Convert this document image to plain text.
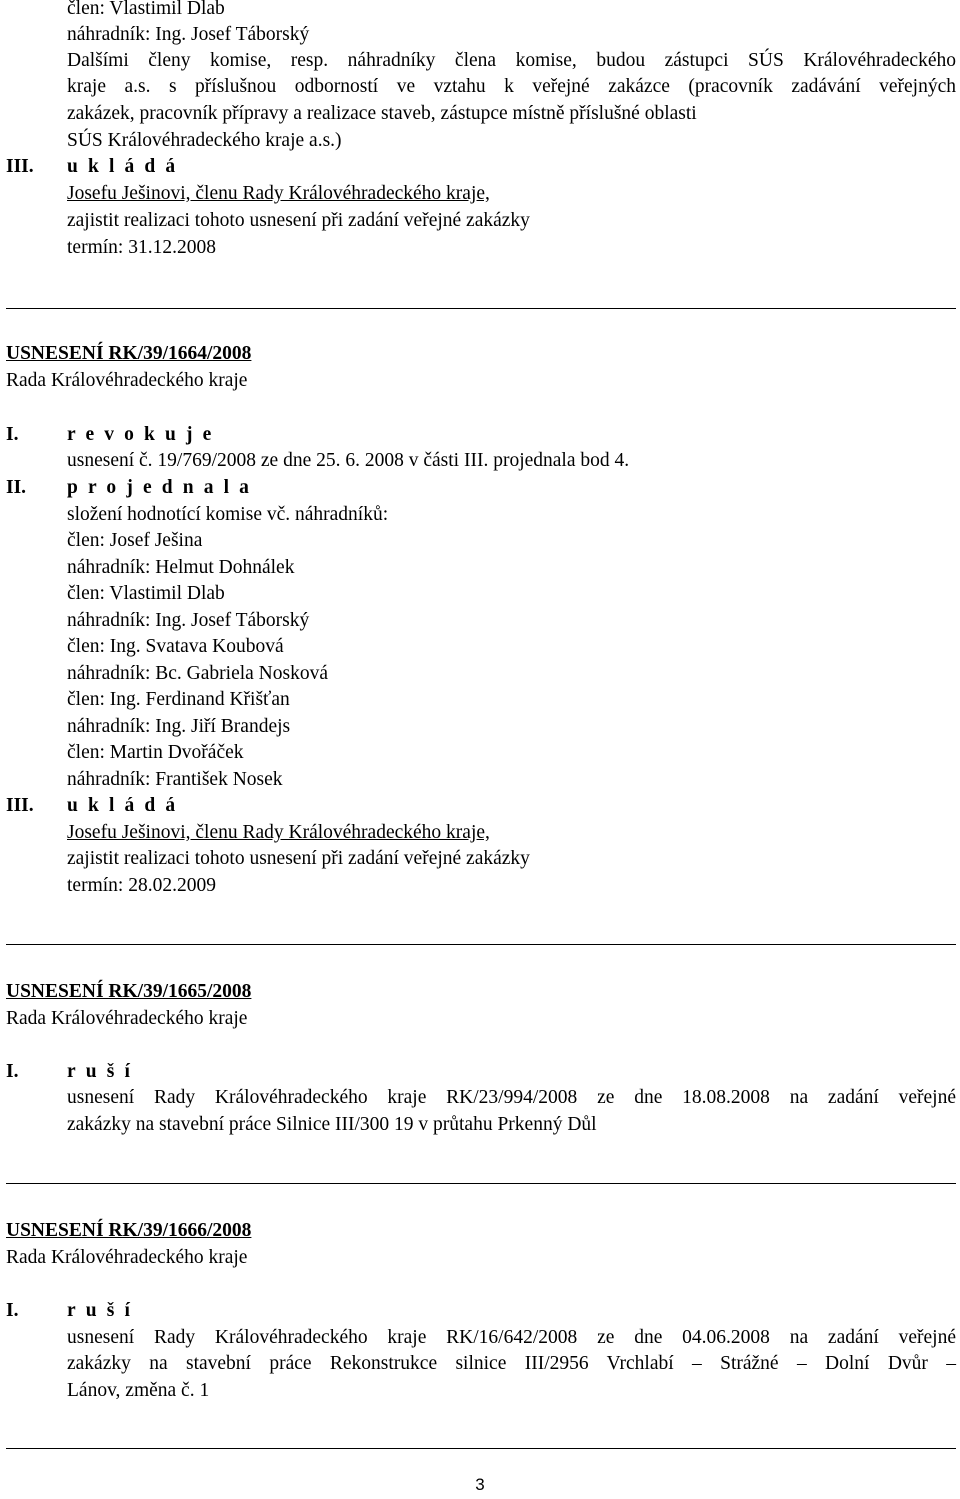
člen: Vlastimil Dlab
náhradník: Ing. Josef Táborský
Dalšími členy komise, resp. náhradníky člena komise, budou zástupci SÚS Královéhradeckého
kraje a.s. s příslušnou odborností ve vztahu k veřejné zakázce (pracovník zadávání veřejných
zakázek, pracovník přípravy a realizace staveb, zástupce místně příslušné oblasti
SÚS Královéhradeckého kraje a.s.)
III. ukládá
Josefu Ješinovi, členu Rady Královéhradeckého kraje,
zajistit realizaci tohoto usnesení při zadání veřejné zakázky
termín: 31.12.2008
USNESENÍ RK/39/1664/2008
Rada Královéhradeckého kraje
I. revokuje
usnesení č. 19/769/2008 ze dne 25. 6. 2008 v části III. projednala bod 4.
II. projednala
složení hodnotící komise vč. náhradníků:
člen: Josef Ješina
náhradník: Helmut Dohnálek
člen: Vlastimil Dlab
náhradník: Ing. Josef Táborský
člen: Ing. Svatava Koubová
náhradník: Bc. Gabriela Nosková
člen: Ing. Ferdinand Křišťan
náhradník: Ing. Jiří Brandejs
člen: Martin Dvořáček
náhradník: František Nosek
III. ukládá
Josefu Ješinovi, členu Rady Královéhradeckého kraje,
zajistit realizaci tohoto usnesení při zadání veřejné zakázky
termín: 28.02.2009
USNESENÍ RK/39/1665/2008
Rada Královéhradeckého kraje
I. ruší
usnesení Rady Královéhradeckého kraje RK/23/994/2008 ze dne 18.08.2008 na zadání veřejné
zakázky na stavební práce Silnice III/300 19 v průtahu Prkenný Důl
USNESENÍ RK/39/1666/2008
Rada Královéhradeckého kraje
I. ruší
usnesení Rady Královéhradeckého kraje RK/16/642/2008 ze dne 04.06.2008 na zadání veřejné
zakázky na stavební práce Rekonstrukce silnice III/2956 Vrchlabí – Strážné – Dolní Dvůr –
Lánov, změna č. 1
3
